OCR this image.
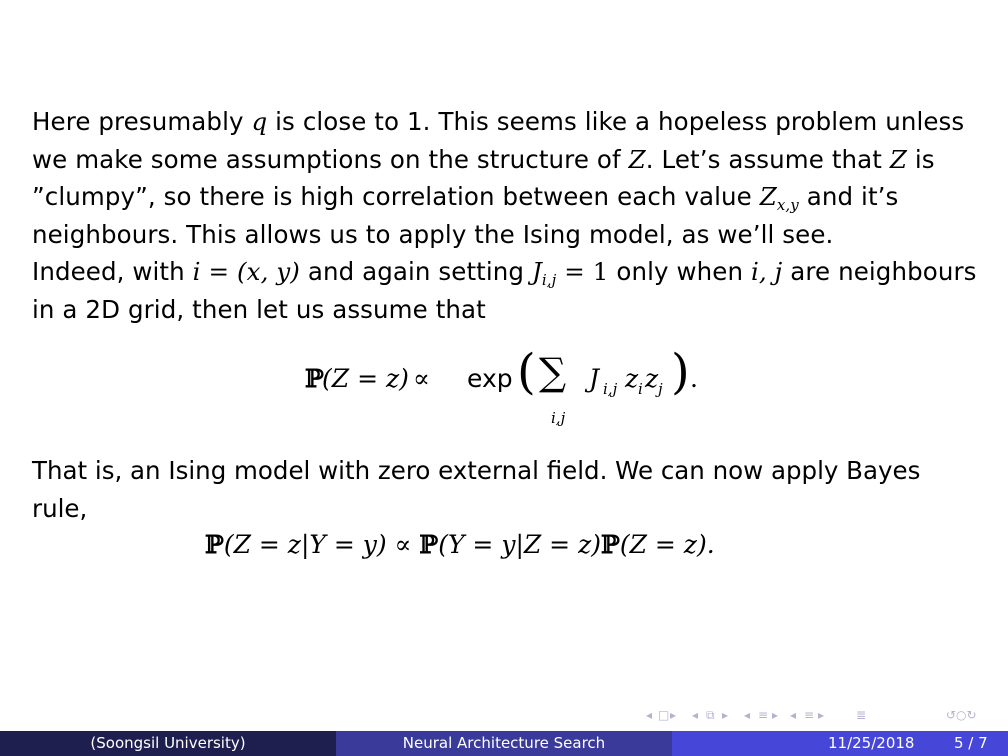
Here presumably q is close to 1. This seems like a hopeless problem unless we make some assumptions on the structure of Z. Let’s assume that Z is ”clumpy”, so there is high correlation between each value $Z_{x,y}$ and it’s neighbours. This allows us to apply the Ising model, as we’ll see.

Indeed, with i = (x, y) and again setting $J_{i,j} = 1$ only when i, j are neighbours in a 2D grid, then let us assume that

ℙ
(Z = z) ∝ exp ( ∑
i,j
J i,j z i z j ) .

That is, an Ising model with zero external field. We can now apply Bayes rule,

ℙ(Z = z|Y = y) ∝ ℙ(Y = y|Z = z)ℙ(Z = z).
◂ □ ▸ ◂ ⧉ ▸ ◂ ≡ ▸ ◂ ≡ ▸	≣	↺○↻
(Soongsil University)	Neural Architecture Search	11/25/2018	5 / 7
